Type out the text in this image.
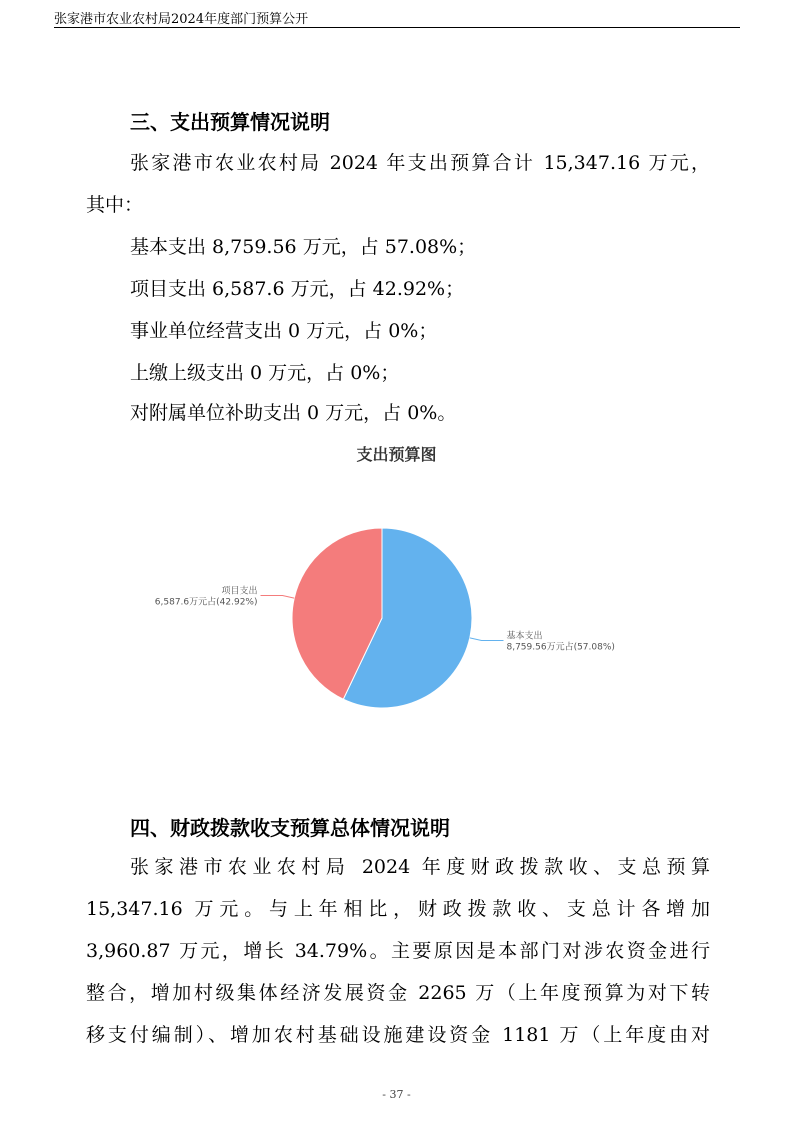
张家港市农业农村局2024年度部门预算公开
三、支出预算情况说明
张家港市农业农村局 2024 年支出预算合计 15,347.16 万元，
其中：
基本支出 8,759.56 万元，占 57.08%；
项目支出 6,587.6 万元，占 42.92%；
事业单位经营支出 0 万元，占 0%；
上缴上级支出 0 万元，占 0%；
对附属单位补助支出 0 万元，占 0%。
支出预算图
基本支出
8,759.56万元占(57.08%)
项目支出
6,587.6万元占(42.92%)
四、财政拨款收支预算总体情况说明
张家港市农业农村局 2024 年度财政拨款收、支总预算
15,347.16 万元。与上年相比，财政拨款收、支总计各增加
3,960.87 万元，增长 34.79%。主要原因是本部门对涉农资金进行
整合，增加村级集体经济发展资金 2265 万（上年度预算为对下转
移支付编制）、增加农村基础设施建设资金 1181 万（上年度由对
- 37 -
